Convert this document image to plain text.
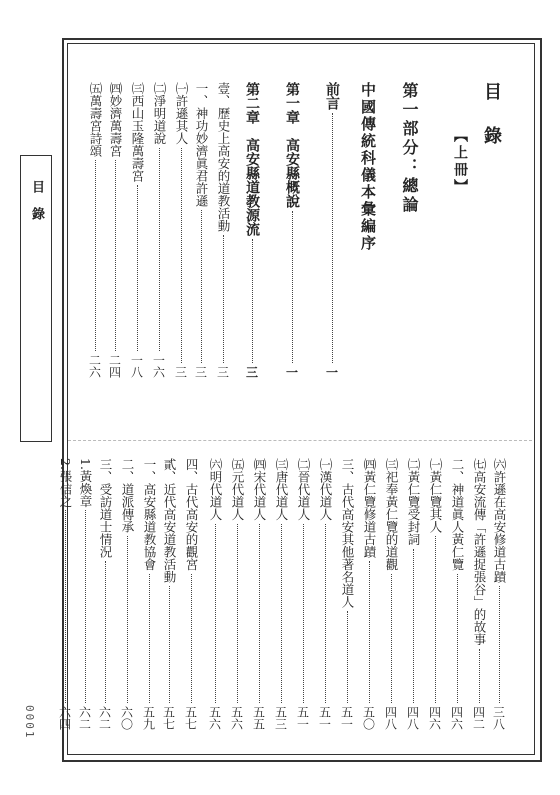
目錄
0001
目錄
【上冊】
第一部分：總論
中國傳統科儀本彙編序
前言
一
第一章　高安縣概說
一
第二章　高安縣道教源流
三
壹、歷史上高安的道教活動
三
一、神功妙濟眞君許遜
三
㈠許遜其人
三
㈡淨明道說
一六
㈢西山玉隆萬壽宮
一八
㈣妙濟萬壽宮
二四
㈤萬壽宮詩頌
二六
㈥許遜在高安修道古蹟
三八
㈦高安流傳「許遜捉張谷」的故事
四二
二、神道眞人黃仁覽
四六
㈠黃仁覽其人
四六
㈡黃仁覽受封詞
四八
㈢祀奉黃仁覽的道觀
四八
㈣黃仁覽修道古蹟
五〇
三、古代高安其他著名道人
五一
㈠漢代道人
五一
㈡晉代道人
五一
㈢唐代道人
五三
㈣宋代道人
五五
㈤元代道人
五六
㈥明代道人
五六
四、古代高安的觀宮
五七
貳、近代高安道教活動
五七
一、高安縣道教協會
五九
二、道派傳承
六〇
三、受訪道士情況
六二
1.黃煥章
六二
2.張信之
六四
